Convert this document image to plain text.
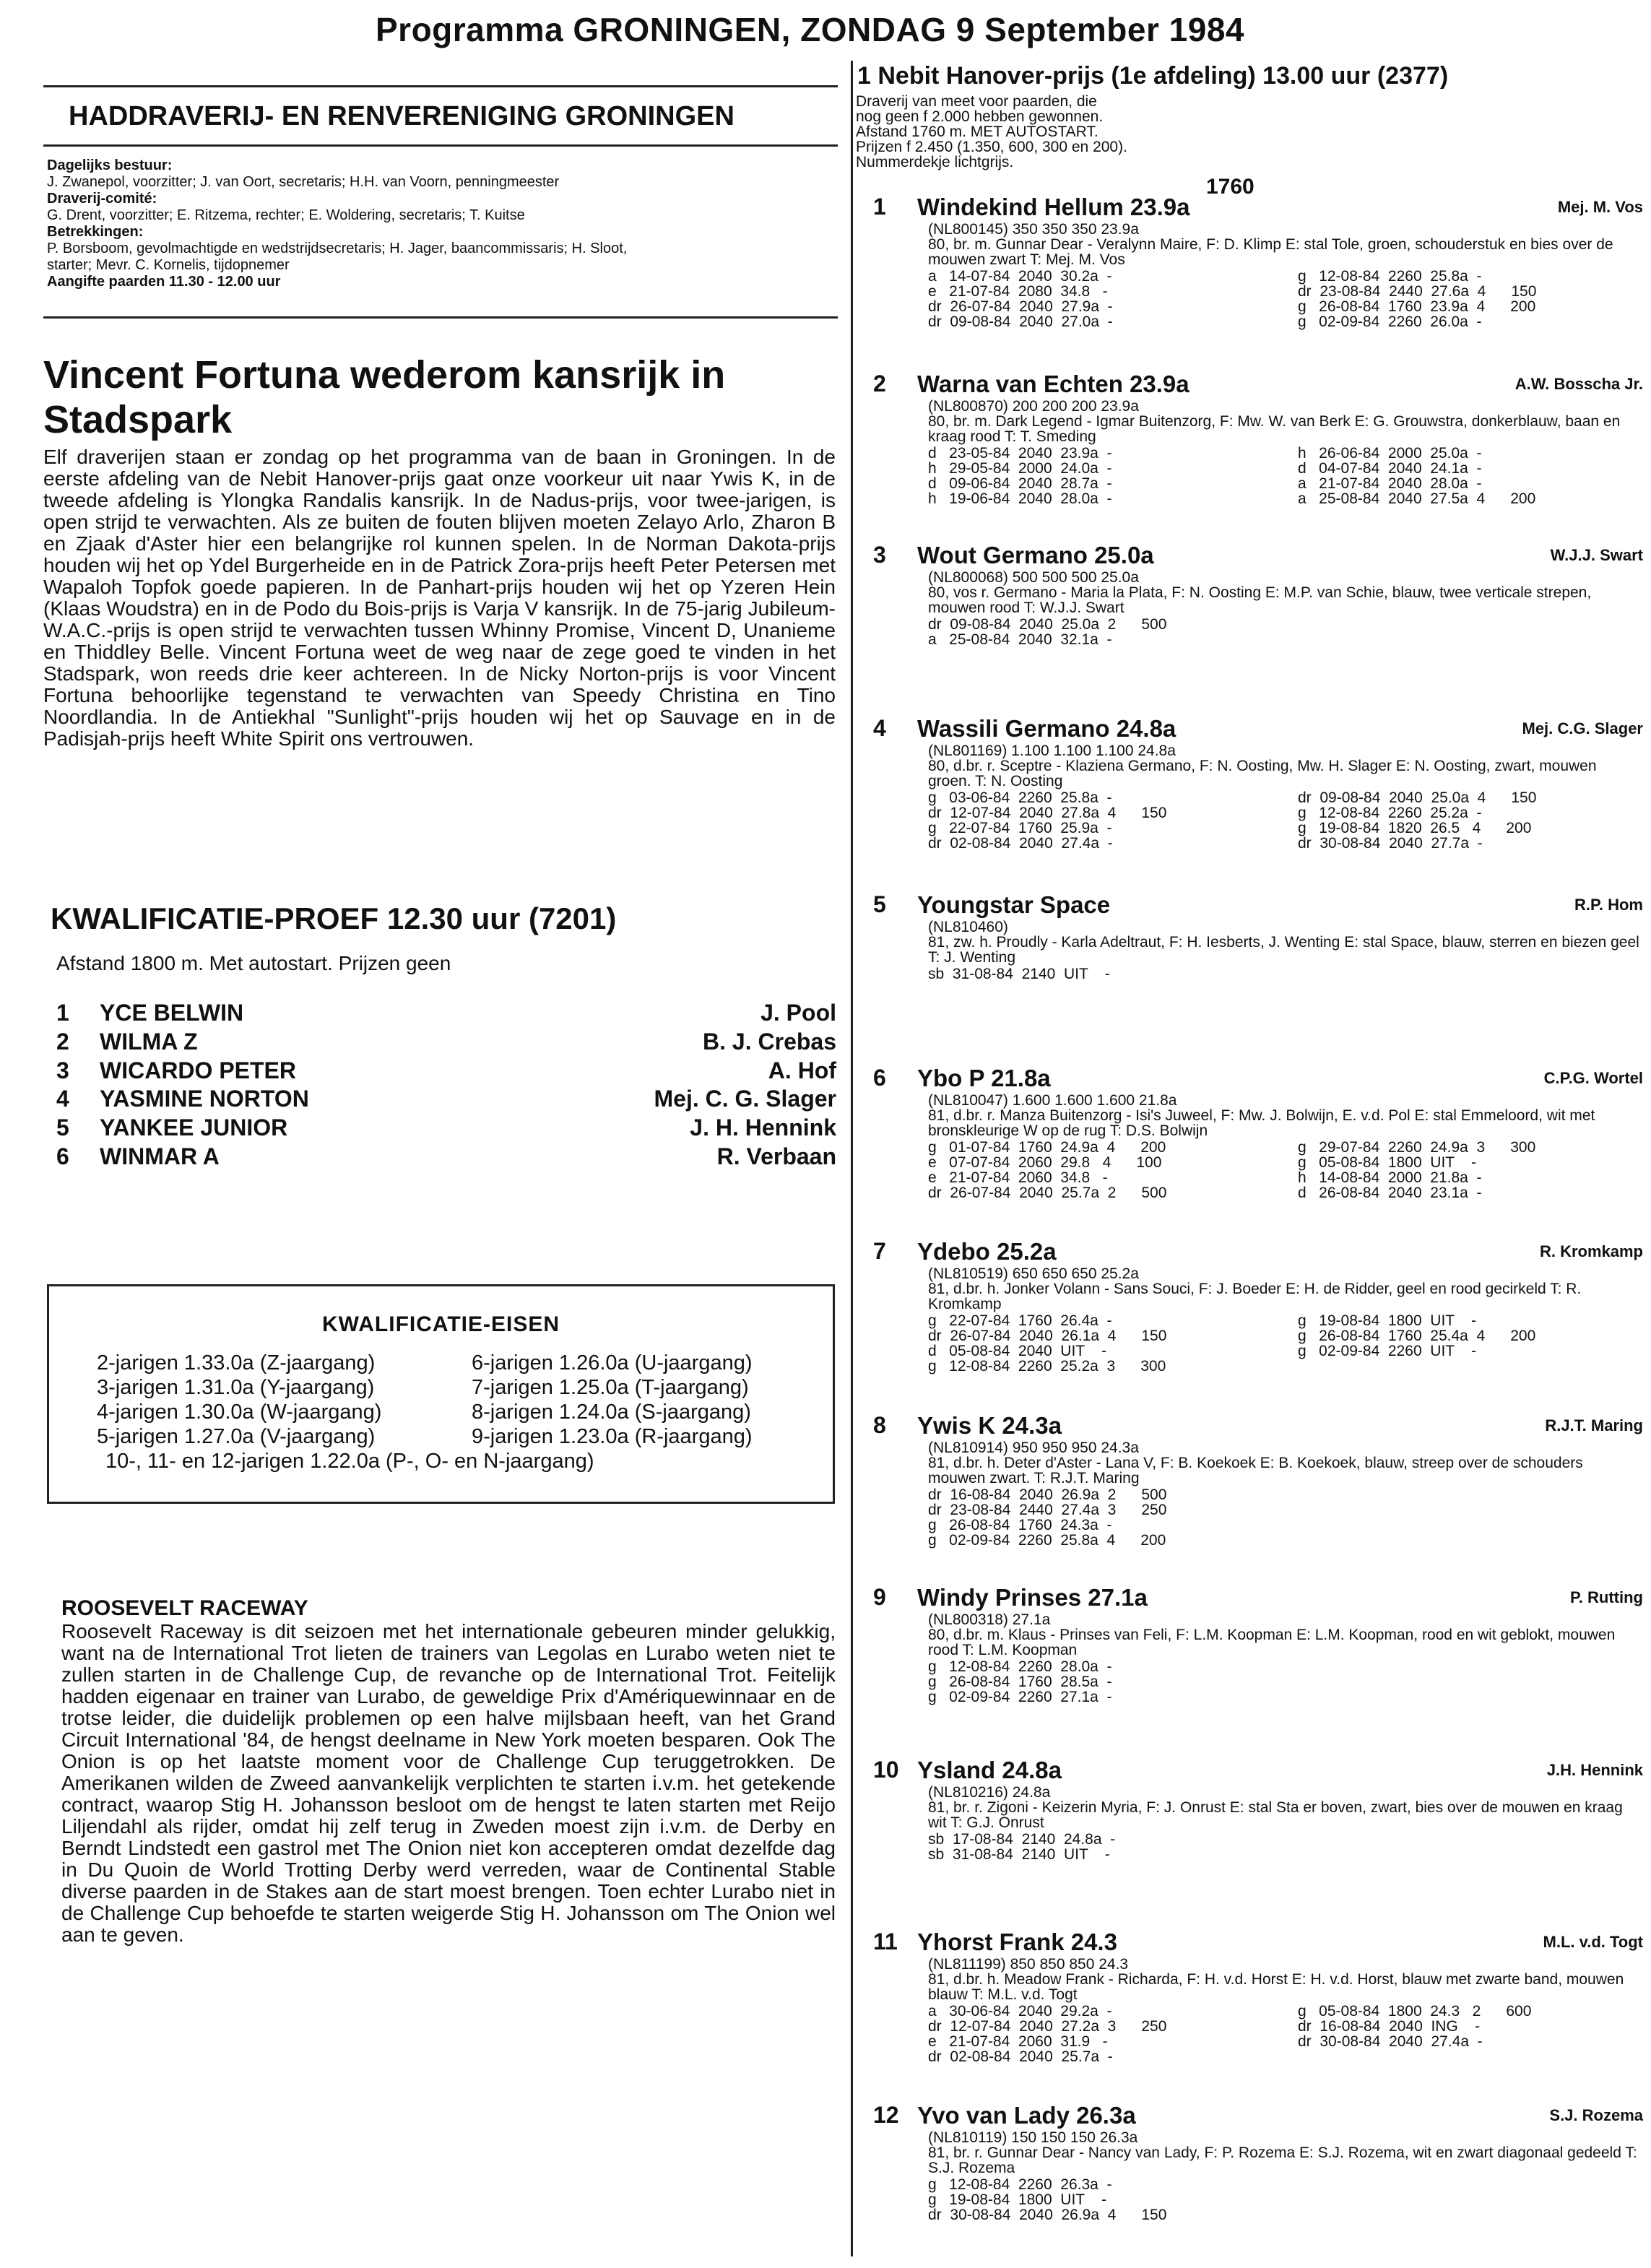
Programma GRONINGEN, ZONDAG 9 September 1984
HADDRAVERIJ- EN RENVERENIGING GRONINGEN
Dagelijks bestuur:
J. Zwanepol, voorzitter; J. van Oort, secretaris; H.H. van Voorn, penningmeester
Draverij-comité:
G. Drent, voorzitter; E. Ritzema, rechter; E. Woldering, secretaris; T. Kuitse
Betrekkingen:
P. Borsboom, gevolmachtigde en wedstrijdsecretaris; H. Jager, baancommissaris; H. Sloot,
starter; Mevr. C. Kornelis, tijdopnemer
Aangifte paarden 11.30 - 12.00 uur
Vincent Fortuna wederom kansrijk in
Stadspark
Elf draverijen staan er zondag op het programma van de baan in Groningen. In de eerste afdeling van de Nebit Hanover-prijs gaat onze voorkeur uit naar Ywis K, in de tweede afdeling is Ylongka Randalis kansrijk. In de Nadus-prijs, voor twee-jarigen, is open strijd te verwachten. Als ze buiten de fouten blijven moeten Zelayo Arlo, Zharon B en Zjaak d'Aster hier een belangrijke rol kunnen spelen. In de Norman Dakota-prijs houden wij het op Ydel Burgerheide en in de Patrick Zora-prijs heeft Peter Petersen met Wapaloh Topfok goede papieren. In de Panhart-prijs houden wij het op Yzeren Hein (Klaas Woudstra) en in de Podo du Bois-prijs is Varja V kansrijk. In de 75-jarig Jubileum-W.A.C.-prijs is open strijd te verwachten tussen Whinny Promise, Vincent D, Unanieme en Thiddley Belle. Vincent Fortuna weet de weg naar de zege goed te vinden in het Stadspark, won reeds drie keer achtereen. In de Nicky Norton-prijs is voor Vincent Fortuna behoorlijke tegenstand te verwachten van Speedy Christina en Tino Noordlandia. In de Antiekhal "Sunlight"-prijs houden wij het op Sauvage en in de Padisjah-prijs heeft White Spirit ons vertrouwen.
KWALIFICATIE-PROEF 12.30 uur (7201)
Afstand 1800 m. Met autostart. Prijzen geen
1 YCE BELWIN	J. Pool
2 WILMA Z	B. J. Crebas
3 WICARDO PETER	A. Hof
4 YASMINE NORTON	Mej. C. G. Slager
5 YANKEE JUNIOR	J. H. Hennink
6 WINMAR A	R. Verbaan
KWALIFICATIE-EISEN
2-jarigen 1.33.0a (Z-jaargang)
3-jarigen 1.31.0a (Y-jaargang)
4-jarigen 1.30.0a (W-jaargang)
5-jarigen 1.27.0a (V-jaargang)
6-jarigen 1.26.0a (U-jaargang)
7-jarigen 1.25.0a (T-jaargang)
8-jarigen 1.24.0a (S-jaargang)
9-jarigen 1.23.0a (R-jaargang)
10-, 11- en 12-jarigen 1.22.0a (P-, O- en N-jaargang)
ROOSEVELT RACEWAY
Roosevelt Raceway is dit seizoen met het internationale gebeuren minder gelukkig, want na de International Trot lieten de trainers van Legolas en Lurabo weten niet te zullen starten in de Challenge Cup, de revanche op de International Trot. Feitelijk hadden eigenaar en trainer van Lurabo, de geweldige Prix d'Amériquewinnaar en de trotse leider, die duidelijk problemen op een halve mijlsbaan heeft, van het Grand Circuit International '84, de hengst deelname in New York moeten besparen. Ook The Onion is op het laatste moment voor de Challenge Cup teruggetrokken. De Amerikanen wilden de Zweed aanvankelijk verplichten te starten i.v.m. het getekende contract, waarop Stig H. Johansson besloot om de hengst te laten starten met Reijo Liljendahl als rijder, omdat hij zelf terug in Zweden moest zijn i.v.m. de Derby en Berndt Lindstedt een gastrol met The Onion niet kon accepteren omdat dezelfde dag in Du Quoin de World Trotting Derby werd verreden, waar de Continental Stable diverse paarden in de Stakes aan de start moest brengen. Toen echter Lurabo niet in de Challenge Cup behoefde te starten weigerde Stig H. Johansson om The Onion wel aan te geven.
1 Nebit Hanover-prijs (1e afdeling) 13.00 uur (2377)
Draverij van meet voor paarden, die
nog geen f 2.000 hebben gewonnen.
Afstand 1760 m. MET AUTOSTART.
Prijzen f 2.450 (1.350, 600, 300 en 200).
Nummerdekje lichtgrijs.
1760
1 Windekind Hellum 23.9a	Mej. M. Vos
(NL800145) 350 350 350 23.9a
80, br. m. Gunnar Dear - Veralynn Maire, F: D. Klimp E: stal Tole, groen, schouderstuk en bies over de mouwen zwart T: Mej. M. Vos
a   14-07-84  2040  30.2a  -
e   21-07-84  2080  34.8   -
dr  26-07-84  2040  27.9a  -
dr  09-08-84  2040  27.0a  -
g   12-08-84  2260  25.8a  -
dr  23-08-84  2440  27.6a  4      150
g   26-08-84  1760  23.9a  4      200
g   02-09-84  2260  26.0a  -
2 Warna van Echten 23.9a	A.W. Bosscha Jr.
(NL800870) 200 200 200 23.9a
80, br. m. Dark Legend - Igmar Buitenzorg, F: Mw. W. van Berk E: G. Grouwstra, donkerblauw, baan en kraag rood T: T. Smeding
d   23-05-84  2040  23.9a  -
h   29-05-84  2000  24.0a  -
d   09-06-84  2040  28.7a  -
h   19-06-84  2040  28.0a  -
h   26-06-84  2000  25.0a  -
d   04-07-84  2040  24.1a  -
a   21-07-84  2040  28.0a  -
a   25-08-84  2040  27.5a  4      200
3 Wout Germano 25.0a	W.J.J. Swart
(NL800068) 500 500 500 25.0a
80, vos r. Germano - Maria la Plata, F: N. Oosting E: M.P. van Schie, blauw, twee verticale strepen, mouwen rood T: W.J.J. Swart
dr  09-08-84  2040  25.0a  2      500
a   25-08-84  2040  32.1a  -
4 Wassili Germano 24.8a	Mej. C.G. Slager
(NL801169) 1.100 1.100 1.100 24.8a
80, d.br. r. Sceptre - Klaziena Germano, F: N. Oosting, Mw. H. Slager E: N. Oosting, zwart, mouwen groen. T: N. Oosting
g   03-06-84  2260  25.8a  -
dr  12-07-84  2040  27.8a  4      150
g   22-07-84  1760  25.9a  -
dr  02-08-84  2040  27.4a  -
dr  09-08-84  2040  25.0a  4      150
g   12-08-84  2260  25.2a  -
g   19-08-84  1820  26.5   4      200
dr  30-08-84  2040  27.7a  -
5 Youngstar Space	R.P. Hom
(NL810460)
81, zw. h. Proudly - Karla Adeltraut, F: H. Iesberts, J. Wenting E: stal Space, blauw, sterren en biezen geel T: J. Wenting
sb  31-08-84  2140  UIT    -
6 Ybo P 21.8a	C.P.G. Wortel
(NL810047) 1.600 1.600 1.600 21.8a
81, d.br. r. Manza Buitenzorg - Isi's Juweel, F: Mw. J. Bolwijn, E. v.d. Pol E: stal Emmeloord, wit met bronskleurige W op de rug T: D.S. Bolwijn
g   01-07-84  1760  24.9a  4      200
e   07-07-84  2060  29.8   4      100
e   21-07-84  2060  34.8   -
dr  26-07-84  2040  25.7a  2      500
g   29-07-84  2260  24.9a  3      300
g   05-08-84  1800  UIT    -
h   14-08-84  2000  21.8a  -
d   26-08-84  2040  23.1a  -
7 Ydebo 25.2a	R. Kromkamp
(NL810519) 650 650 650 25.2a
81, d.br. h. Jonker Volann - Sans Souci, F: J. Boeder E: H. de Ridder, geel en rood gecirkeld T: R. Kromkamp
g   22-07-84  1760  26.4a  -
dr  26-07-84  2040  26.1a  4      150
d   05-08-84  2040  UIT    -
g   12-08-84  2260  25.2a  3      300
g   19-08-84  1800  UIT    -
g   26-08-84  1760  25.4a  4      200
g   02-09-84  2260  UIT    -
8 Ywis K 24.3a	R.J.T. Maring
(NL810914) 950 950 950 24.3a
81, d.br. h. Deter d'Aster - Lana V, F: B. Koekoek E: B. Koekoek, blauw, streep over de schouders mouwen zwart. T: R.J.T. Maring
dr  16-08-84  2040  26.9a  2      500
dr  23-08-84  2440  27.4a  3      250
g   26-08-84  1760  24.3a  -
g   02-09-84  2260  25.8a  4      200
9 Windy Prinses 27.1a	P. Rutting
(NL800318) 27.1a
80, d.br. m. Klaus - Prinses van Feli, F: L.M. Koopman E: L.M. Koopman, rood en wit geblokt, mouwen rood T: L.M. Koopman
g   12-08-84  2260  28.0a  -
g   26-08-84  1760  28.5a  -
g   02-09-84  2260  27.1a  -
10 Ysland 24.8a	J.H. Hennink
(NL810216) 24.8a
81, br. r. Zigoni - Keizerin Myria, F: J. Onrust E: stal Sta er boven, zwart, bies over de mouwen en kraag wit T: G.J. Onrust
sb  17-08-84  2140  24.8a  -
sb  31-08-84  2140  UIT    -
11 Yhorst Frank 24.3	M.L. v.d. Togt
(NL811199) 850 850 850 24.3
81, d.br. h. Meadow Frank - Richarda, F: H. v.d. Horst E: H. v.d. Horst, blauw met zwarte band, mouwen blauw T: M.L. v.d. Togt
a   30-06-84  2040  29.2a  -
dr  12-07-84  2040  27.2a  3      250
e   21-07-84  2060  31.9   -
dr  02-08-84  2040  25.7a  -
g   05-08-84  1800  24.3   2      600
dr  16-08-84  2040  ING    -
dr  30-08-84  2040  27.4a  -
12 Yvo van Lady 26.3a	S.J. Rozema
(NL810119) 150 150 150 26.3a
81, br. r. Gunnar Dear - Nancy van Lady, F: P. Rozema E: S.J. Rozema, wit en zwart diagonaal gedeeld T: S.J. Rozema
g   12-08-84  2260  26.3a  -
g   19-08-84  1800  UIT    -
dr  30-08-84  2040  26.9a  4      150
